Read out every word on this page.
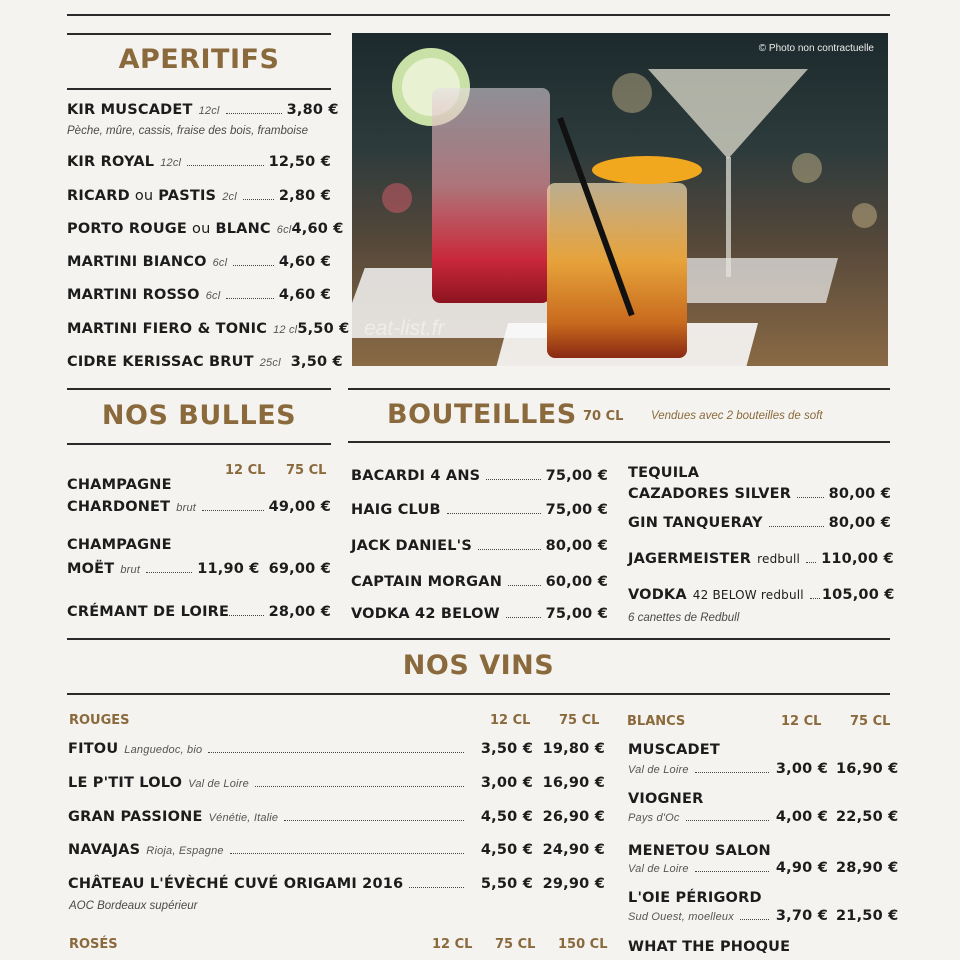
APERITIFS
KIR MUSCADET 12cl	3,80 €
Pèche, mûre, cassis, fraise des bois, framboise
KIR ROYAL 12cl	12,50 €
RICARD ou PASTIS 2cl	2,80 €
PORTO ROUGE ou BLANC 6cl 4,60 €
MARTINI BIANCO 6cl	4,60 €
MARTINI ROSSO 6cl	4,60 €
MARTINI FIERO & TONIC 12 cl 5,50 €
CIDRE KERISSAC BRUT 25cl 3,50 €
© Photo non contractuelle
eat-list.fr
NOS BULLES
12 CL 75 CL
CHAMPAGNE
CHARDONET brut	49,00 €
CHAMPAGNE
MOËT brut	11,90 € 69,00 €
CRÉMANT DE LOIRE	28,00 €
BOUTEILLES 70 CL Vendues avec 2 bouteilles de soft
BACARDI 4 ANS	75,00 €
HAIG CLUB	75,00 €
JACK DANIEL'S	80,00 €
CAPTAIN MORGAN	60,00 €
VODKA 42 BELOW	75,00 €
TEQUILA
CAZADORES SILVER	80,00 €
GIN TANQUERAY	80,00 €
JAGERMEISTER redbull 110,00 €
VODKA 42 BELOW redbull 105,00 €
6 canettes de Redbull
NOS VINS
ROUGES	12 CL 75 CL
FITOU Languedoc, bio	3,50 € 19,80 €
LE P'TIT LOLO Val de Loire	3,00 € 16,90 €
GRAN PASSIONE Vénétie, Italie	4,50 € 26,90 €
NAVAJAS Rioja, Espagne	4,50 € 24,90 €
CHÂTEAU L'ÉVÈCHÉ CUVÉ ORIGAMI 2016	5,50 € 29,90 €
AOC Bordeaux supérieur
ROSÉS	12 CL 75 CL 150 CL
BLANCS	12 CL 75 CL
MUSCADET
Val de Loire	3,00 € 16,90 €
VIOGNER
Pays d'Oc	4,00 € 22,50 €
MENETOU SALON
Val de Loire	4,90 € 28,90 €
L'OIE PÉRIGORD
Sud Ouest, moelleux	3,70 € 21,50 €
WHAT THE PHOQUE
